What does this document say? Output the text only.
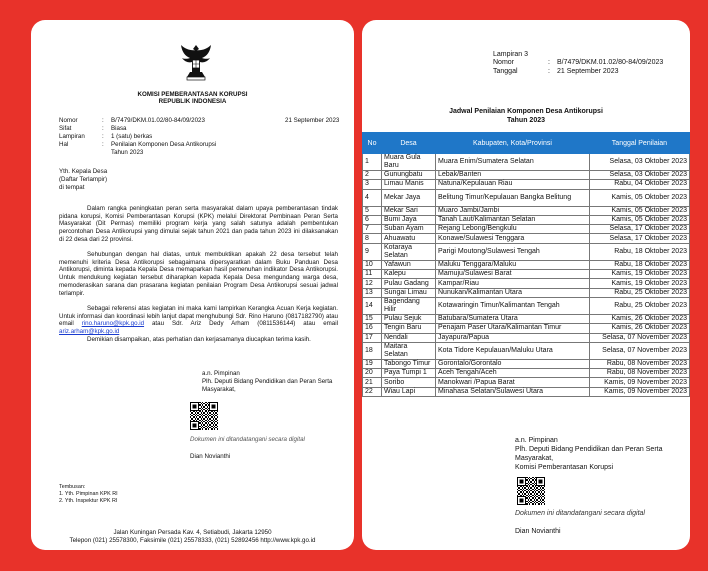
KOMISI PEMBERANTASAN KORUPSI
REPUBLIK INDONESIA
Nomor	: B/7479/DKM.01.02/80-84/09/2023	21 September 2023
Sifat	: Biasa
Lampiran	: 1 (satu) berkas
Hal	: Penilaian Komponen Desa Antikorupsi
Tahun 2023
Yth. Kepala Desa
(Daftar Terlampir)
di tempat
Dalam rangka peningkatan peran serta masyarakat dalam upaya pemberantasan tindak pidana korupsi, Komisi Pemberantasan Korupsi (KPK) melalui Direktorat Pembinaan Peran Serta Masyarakat (Dit Permas) memiliki program kerja yang salah satunya adalah pembentukan percontohan Desa Antikorupsi yang dimulai sejak tahun 2021 dan pada tahun 2023 ini dilaksanakan di 22 desa dari 22 provinsi.
Sehubungan dengan hal diatas, untuk membuktikan apakah 22 desa tersebut telah memenuhi kriteria Desa Antikorupsi sebagaimana dipersyaratkan dalam Buku Panduan Desa Antikorupsi, diminta kepada Kepala Desa memaparkan hasil pemenuhan indikator Desa Antikorupsi. Untuk mendukung kegiatan tersebut diharapkan kepada Kepala Desa mengundang warga desa, memoderasikan sarana dan prasarana kegiatan penilaian Program Desa Antikorupsi sesuai jadwal terlampir.
Sebagai referensi atas kegiatan ini maka kami lampirkan Kerangka Acuan Kerja kegiatan. Untuk informasi dan koordinasi lebih lanjut dapat menghubungi Sdr. Rino Haruno (0817182790) atau email rino.haruno@kpk.go.id atau Sdr. Ariz Dedy Arham (0811536144) atau email ariz.arham@kpk.go.id
Demikian disampaikan, atas perhatian dan kerjasamanya diucapkan terima kasih.
a.n. Pimpinan
Plh. Deputi Bidang Pendidikan dan Peran Serta
Masyarakat,
Dokumen ini ditandatangani secara digital
Dian Novianthi
Tembusan:
1. Yth. Pimpinan KPK RI
2. Yth. Inspektur KPK RI
Jalan Kuningan Persada Kav. 4, Setiabudi, Jakarta 12950
Telepon (021) 25578300, Faksimile (021) 25578333, (021) 52892456 http://www.kpk.go.id
Lampiran 3
Nomor	: B/7479/DKM.01.02/80-84/09/2023
Tanggal	: 21 September 2023
Jadwal Penilaian Komponen Desa Antikorupsi
Tahun 2023
No	Desa	Kabupaten, Kota/Provinsi	Tanggal Penilaian
1	Muara Gula Baru	Muara Enim/Sumatera Selatan	Selasa, 03 Oktober 2023
2	Gunungbatu	Lebak/Banten	Selasa, 03 Oktober 2023
3	Limau Manis	Natuna/Kepulauan Riau	Rabu, 04 Oktober 2023
4	Mekar Jaya	Belitung Timur/Kepulauan Bangka Belitung	Kamis, 05 Oktober 2023
5	Mekar Sari	Muaro Jambi/Jambi	Kamis, 05 Oktober 2023
6	Bumi Jaya	Tanah Laut/Kalimantan Selatan	Kamis, 05 Oktober 2023
7	Suban Ayam	Rejang Lebong/Bengkulu	Selasa, 17 Oktober 2023
8	Ahuawatu	Konawe/Sulawesi Tenggara	Selasa, 17 Oktober 2023
9	Kotaraya Selatan	Parigi Moutong/Sulawesi Tengah	Rabu, 18 Oktober 2023
10	Yafawun	Maluku Tenggara/Maluku	Rabu, 18 Oktober 2023
11	Kalepu	Mamuju/Sulawesi Barat	Kamis, 19 Oktober 2023
12	Pulau Gadang	Kampar/Riau	Kamis, 19 Oktober 2023
13	Sungai Limau	Nunukan/Kalimantan Utara	Rabu, 25 Oktober 2023
14	Bagendang Hilir	Kotawaringin Timur/Kalimantan Tengah	Rabu, 25 Oktober 2023
15	Pulau Sejuk	Batubara/Sumatera Utara	Kamis, 26 Oktober 2023
16	Tengin Baru	Penajam Paser Utara/Kalimantan Timur	Kamis, 26 Oktober 2023
17	Nendali	Jayapura/Papua	Selasa, 07 November 2023
18	Maitara Selatan	Kota Tidore Kepulauan/Maluku Utara	Selasa, 07 November 2023
19	Tabongo Timur	Gorontalo/Gorontalo	Rabu, 08 November 2023
20	Paya Tumpi 1	Aceh Tengah/Aceh	Rabu, 08 November 2023
21	Soribo	Manokwari /Papua Barat	Kamis, 09 November 2023
22	Wiau Lapi	Minahasa Selatan/Sulawesi Utara	Kamis, 09 November 2023
a.n. Pimpinan
Plh. Deputi Bidang Pendidikan dan Peran Serta
Masyarakat,
Komisi Pemberantasan Korupsi
Dokumen ini ditandatangani secara digital
Dian Novianthi
